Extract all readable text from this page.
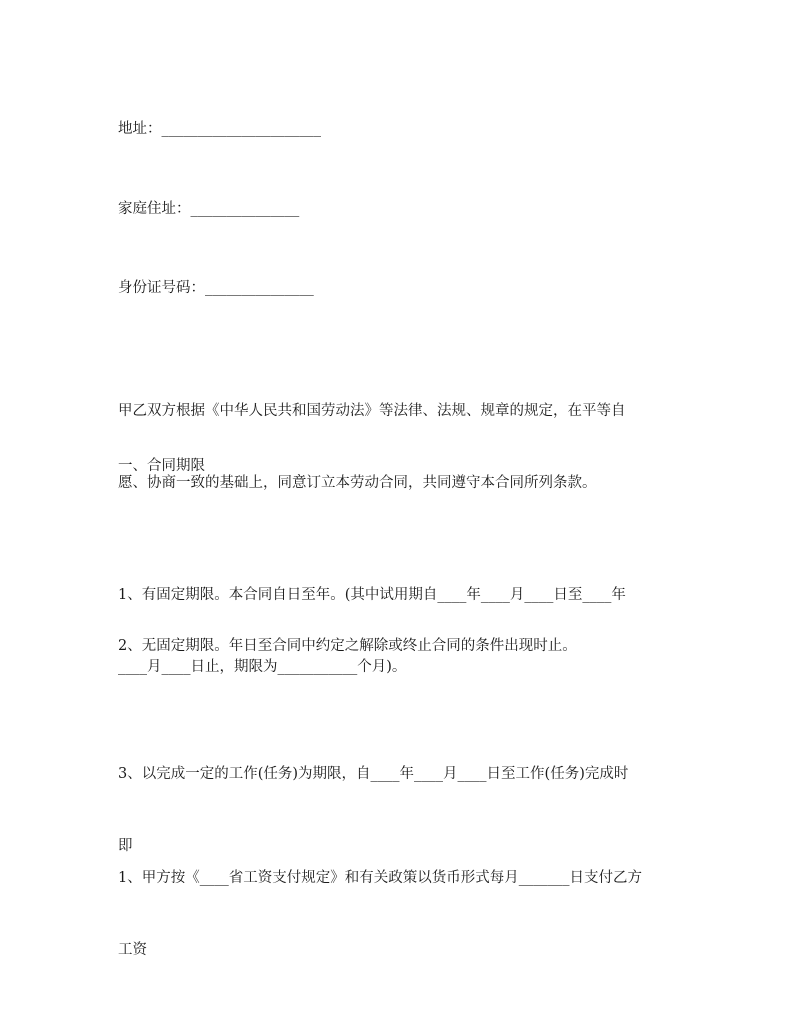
地址：______________________
家庭住址：_______________
身份证号码：_______________

甲乙双方根据《中华人民共和国劳动法》等法律、法规、规章的规定，在平等自

愿、协商一致的基础上，同意订立本劳动合同，共同遵守本合同所列条款。

一、合同期限

1、有固定期限。本合同自日至年。(其中试用期自____年____月____日至____年

____月____日止，期限为___________个月)。

2、无固定期限。年日至合同中约定之解除或终止合同的条件出现时止。

3、以完成一定的工作(任务)为期限，自____年____月____日至工作(任务)完成时

即

1、甲方按《____省工资支付规定》和有关政策以货币形式每月_______日支付乙方

工资
